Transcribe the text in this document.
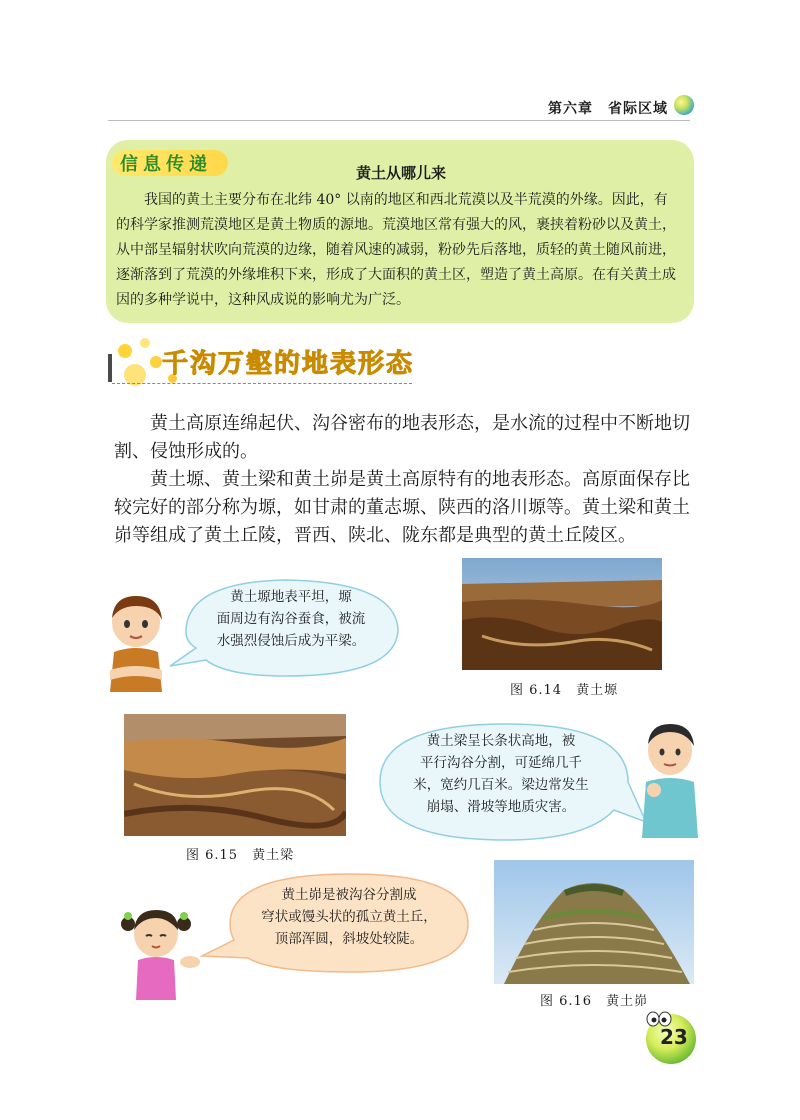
第六章　省际区域
信息传递	黄土从哪儿来
我国的黄土主要分布在北纬 40° 以南的地区和西北荒漠以及半荒漠的外缘。因此，有的科学家推测荒漠地区是黄土物质的源地。荒漠地区常有强大的风，裹挟着粉砂以及黄土，从中部呈辐射状吹向荒漠的边缘，随着风速的减弱，粉砂先后落地，质轻的黄土随风前进，逐渐落到了荒漠的外缘堆积下来，形成了大面积的黄土区，塑造了黄土高原。在有关黄土成因的多种学说中，这种风成说的影响尤为广泛。
千沟万壑的地表形态
黄土高原连绵起伏、沟谷密布的地表形态，是水流的过程中不断地切割、侵蚀形成的。
黄土塬、黄土梁和黄土峁是黄土高原特有的地表形态。高原面保存比较完好的部分称为塬，如甘肃的董志塬、陕西的洛川塬等。黄土梁和黄土峁等组成了黄土丘陵，晋西、陕北、陇东都是典型的黄土丘陵区。
黄土塬地表平坦，塬
面周边有沟谷蚕食，被流
水强烈侵蚀后成为平梁。
图 6.14　黄土塬
图 6.15　黄土梁
黄土梁呈长条状高地，被
平行沟谷分割，可延绵几千
米，宽约几百米。梁边常发生
崩塌、滑坡等地质灾害。
黄土峁是被沟谷分割成
穹状或馒头状的孤立黄土丘，
顶部浑圆，斜坡处较陡。
图 6.16　黄土峁
23
